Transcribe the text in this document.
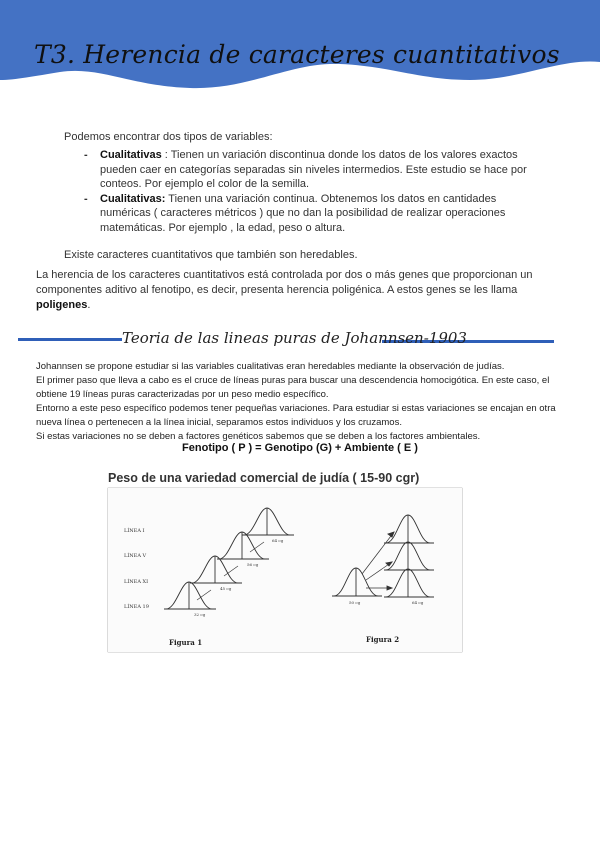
T3. Herencia de caracteres cuantitativos
Podemos encontrar dos tipos de variables:
- Cualitativas : Tienen un variación discontinua donde los datos de los valores exactos pueden caer en categorías separadas sin niveles intermedios. Este estudio se hace por conteos. Por ejemplo el color de la semilla.
- Cualitativas: Tienen una variación continua. Obtenemos los datos en cantidades numéricas ( caracteres métricos ) que no dan la posibilidad de realizar operaciones matemáticas. Por ejemplo , la edad, peso o altura.
Existe caracteres cuantitativos que también son heredables.
La herencia de los caracteres cuantitativos está controlada por dos o más genes que proporcionan un componentes aditivo al fenotipo, es decir, presenta herencia poligénica. A estos genes se les llama poligenes.
Teoria de las lineas puras de Johannsen-1903

Johannsen se propone estudiar si las variables cualitativas eran heredables mediante la observación de judías.

El primer paso que lleva a cabo es el cruce de líneas puras para buscar una descendencia homocigótica. En este caso, el obtiene 19 líneas puras caracterizadas por un peso medio específico.

Entorno a este peso específico podemos tener pequeñas variaciones. Para estudiar si estas variaciones se encajan en otra nueva línea o pertenecen a la línea inicial, separamos estos individuos y los cruzamos.

Si estas variaciones no se deben a factores genéticos sabemos que se deben a los factores ambientales.

Fenotipo ( P ) = Genotipo (G) + Ambiente ( E )
LÍNEA I
LÍNEA V
LÍNEA XI
LÍNEA 19
64 cg
56 cg
45 cg
32 cg
50 cg	64 cg
Figura 1	Figura 2
Peso de una variedad comercial de judía ( 15-90 cgr)
